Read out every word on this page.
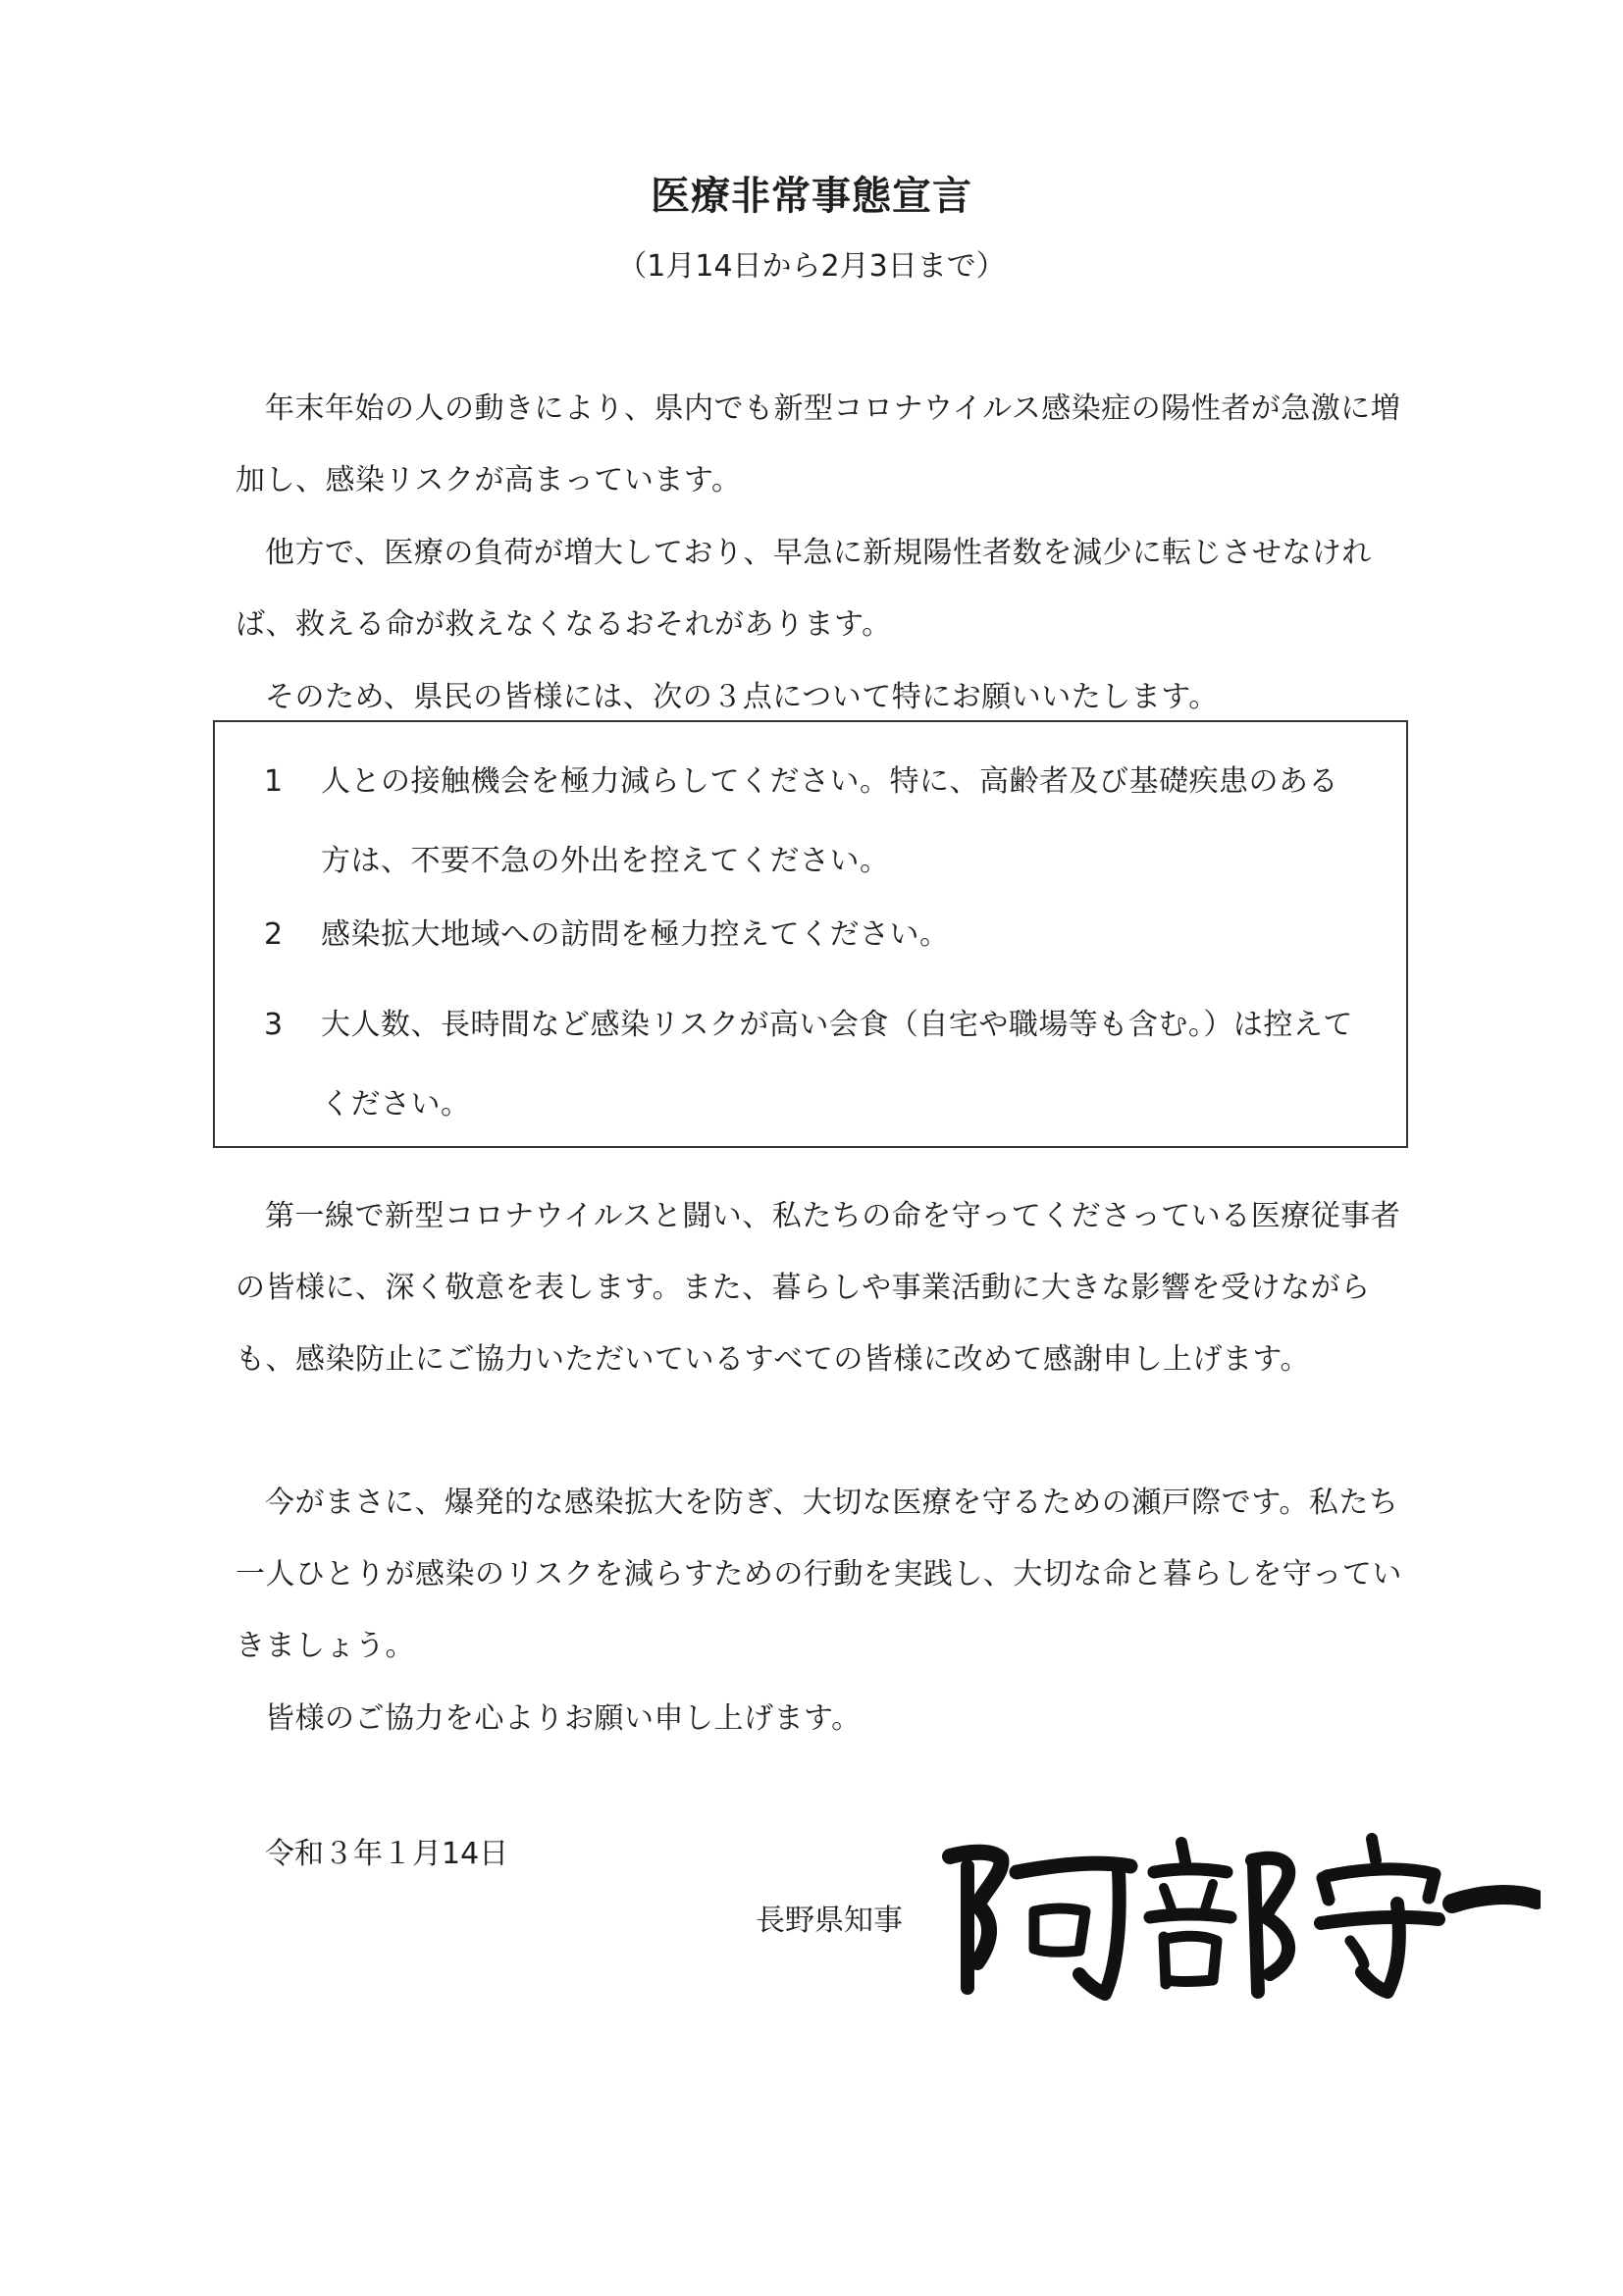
医療非常事態宣言
（1月14日から2月3日まで）

年末年始の人の動きにより、県内でも新型コロナウイルス感染症の陽性者が急激に増加し、感染リスクが高まっています。

他方で、医療の負荷が増大しており、早急に新規陽性者数を減少に転じさせなければ、救える命が救えなくなるおそれがあります。

そのため、県民の皆様には、次の３点について特にお願いいたします。

1 人との接触機会を極力減らしてください。特に、高齢者及び基礎疾患のある方は、不要不急の外出を控えてください。
2 感染拡大地域への訪問を極力控えてください。
3 大人数、長時間など感染リスクが高い会食（自宅や職場等も含む。）は控えてください。

第一線で新型コロナウイルスと闘い、私たちの命を守ってくださっている医療従事者の皆様に、深く敬意を表します。また、暮らしや事業活動に大きな影響を受けながらも、感染防止にご協力いただいているすべての皆様に改めて感謝申し上げます。

今がまさに、爆発的な感染拡大を防ぎ、大切な医療を守るための瀬戸際です。私たち一人ひとりが感染のリスクを減らすための行動を実践し、大切な命と暮らしを守っていきましょう。

皆様のご協力を心よりお願い申し上げます。

令和３年１月14日
長野県知事
